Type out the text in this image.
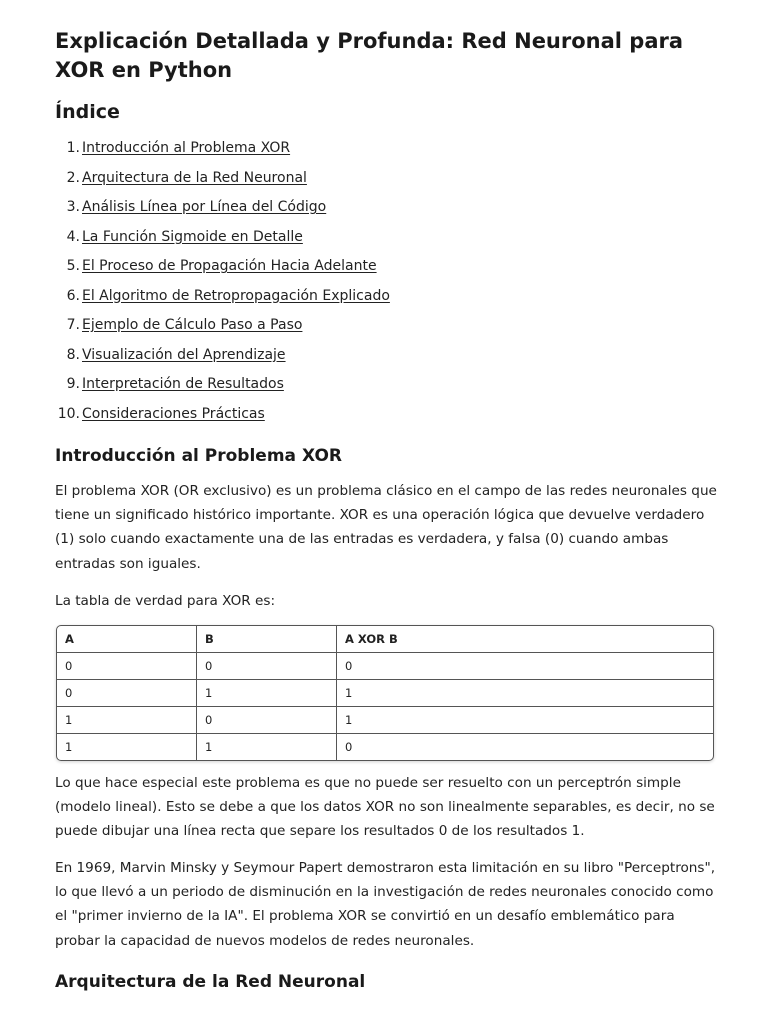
Explicación Detallada y Profunda: Red Neuronal para XOR en Python
Índice
1. Introducción al Problema XOR
2. Arquitectura de la Red Neuronal
3. Análisis Línea por Línea del Código
4. La Función Sigmoide en Detalle
5. El Proceso de Propagación Hacia Adelante
6. El Algoritmo de Retropropagación Explicado
7. Ejemplo de Cálculo Paso a Paso
8. Visualización del Aprendizaje
9. Interpretación de Resultados
10. Consideraciones Prácticas
Introducción al Problema XOR

El problema XOR (OR exclusivo) es un problema clásico en el campo de las redes neuronales que tiene un significado histórico importante. XOR es una operación lógica que devuelve verdadero (1) solo cuando exactamente una de las entradas es verdadera, y falsa (0) cuando ambas entradas son iguales.

La tabla de verdad para XOR es:

A	B	A XOR B
0	0	0
0	1	1
1	0	1
1	1	0

Lo que hace especial este problema es que no puede ser resuelto con un perceptrón simple (modelo lineal). Esto se debe a que los datos XOR no son linealmente separables, es decir, no se puede dibujar una línea recta que separe los resultados 0 de los resultados 1.

En 1969, Marvin Minsky y Seymour Papert demostraron esta limitación en su libro "Perceptrons", lo que llevó a un periodo de disminución en la investigación de redes neuronales conocido como el "primer invierno de la IA". El problema XOR se convirtió en un desafío emblemático para probar la capacidad de nuevos modelos de redes neuronales.

Arquitectura de la Red Neuronal
